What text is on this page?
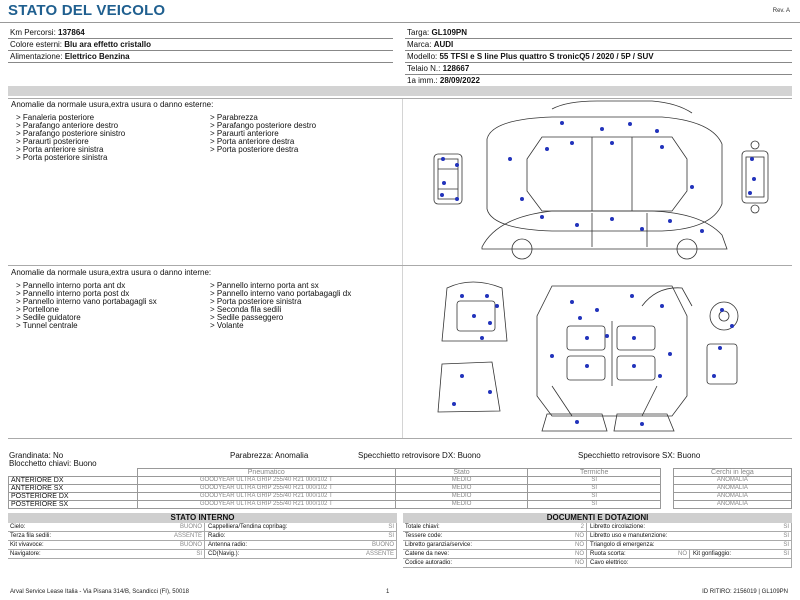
STATO DEL VEICOLO	Rev. A
Km Percorsi: 137864
Colore esterni: Blu ara effetto cristallo
Alimentazione: Elettrico Benzina
Targa: GL109PN
Marca: AUDI
Modello: 55 TFSI e S line Plus quattro S tronicQ5 / 2020 / 5P / SUV
Telaio N.: 128667
1a imm.: 28/09/2022
Anomalie da normale usura,extra usura o danno esterne:
> Fanaleria posteriore
> Parafango anteriore destro
> Parafango posteriore sinistro
> Paraurti posteriore
> Porta anteriore sinistra
> Porta posteriore sinistra
> Parabrezza
> Parafango posteriore destro
> Paraurti anteriore
> Porta anteriore destra
> Porta posteriore destra
Anomalie da normale usura,extra usura o danno interne:
> Pannello interno porta ant dx
> Pannello interno porta post dx
> Pannello interno vano portabagagli sx
> Portellone
> Sedile guidatore
> Tunnel centrale
> Pannello interno porta ant sx
> Pannello interno vano portabagagli dx
> Porta posteriore sinistra
> Seconda fila sedili
> Sedile passeggero
> Volante
Grandinata: No	Parabrezza: Anomalia	Specchietto retrovisore DX: Buono	Specchietto retrovisore SX: Buono
Blocchetto chiavi: Buono
	Pneumatico	Stato	Termiche		Cerchi in lega
ANTERIORE DX	GOODYEAR ULTRA GRIP 255/40 R21 000/102 T	MEDIO	SI		ANOMALIA
ANTERIORE SX	GOODYEAR ULTRA GRIP 255/40 R21 000/102 T	MEDIO	SI		ANOMALIA
POSTERIORE DX	GOODYEAR ULTRA GRIP 255/40 R21 000/102 T	MEDIO	SI		ANOMALIA
POSTERIORE SX	GOODYEAR ULTRA GRIP 255/40 R21 000/102 T	MEDIO	SI		ANOMALIA
STATO INTERNO
Cielo:	BUONO	Cappelliera/Tendina copribag:	SI
Terza fila sedili:	ASSENTE	Radio:	SI
Kit vivavoce:	BUONO	Antenna radio:	BUONO
Navigatore:	SI	CD(Navig.):	ASSENTE
DOCUMENTI E DOTAZIONI
Totale chiavi:	2	Libretto circolazione:	SI
Tessere code:	NO	Libretto uso e manutenzione:	SI
Libretto garanzia/service:	NO	Triangolo di emergenza:	SI
Catene da neve:	NO	Ruota scorta:	NO	Kit gonfiaggio:	SI
Codice autoradio:	NO	Cavo elettrico:
Arval Service Lease Italia - Via Pisana 314/B, Scandicci (FI), 50018	1	ID RITIRO: 2156019 | GL109PN
